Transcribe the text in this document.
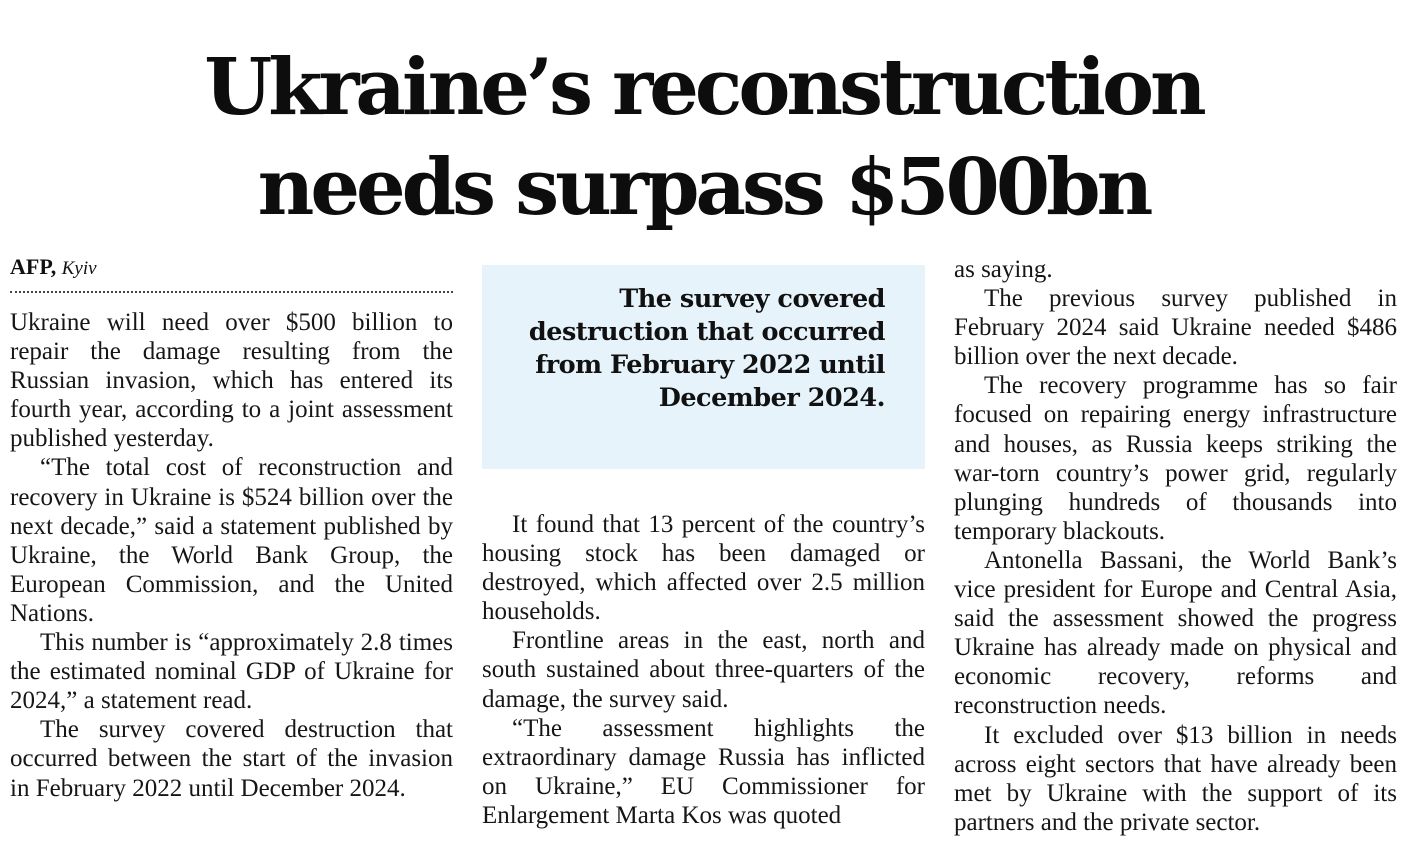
Ukraine’s reconstruction
needs surpass $500bn
AFP, Kyiv

Ukraine will need over $500 billion to repair the damage resulting from the Russian invasion, which has entered its fourth year, according to a joint assessment published yesterday.

“The total cost of reconstruction and recovery in Ukraine is $524 billion over the next decade,” said a statement published by Ukraine, the World Bank Group, the European Commission, and the United Nations.

This number is “approximately 2.8 times the estimated nominal GDP of Ukraine for 2024,” a statement read.

The survey covered destruction that occurred between the start of the invasion in February 2022 until December 2024.

The survey covered destruction that occurred from February 2022 until December 2024.

It found that 13 percent of the country’s housing stock has been damaged or destroyed, which affected over 2.5 million households.

Frontline areas in the east, north and south sustained about three-quarters of the damage, the survey said.

“The assessment highlights the extraordinary damage Russia has inflicted on Ukraine,” EU Commissioner for Enlargement Marta Kos was quoted

as saying.

The previous survey published in February 2024 said Ukraine needed $486 billion over the next decade.

The recovery programme has so fair focused on repairing energy infrastructure and houses, as Russia keeps striking the war-torn country’s power grid, regularly plunging hundreds of thousands into temporary blackouts.

Antonella Bassani, the World Bank’s vice president for Europe and Central Asia, said the assessment showed the progress Ukraine has already made on physical and economic recovery, reforms and reconstruction needs.

It excluded over $13 billion in needs across eight sectors that have already been met by Ukraine with the support of its partners and the private sector.
